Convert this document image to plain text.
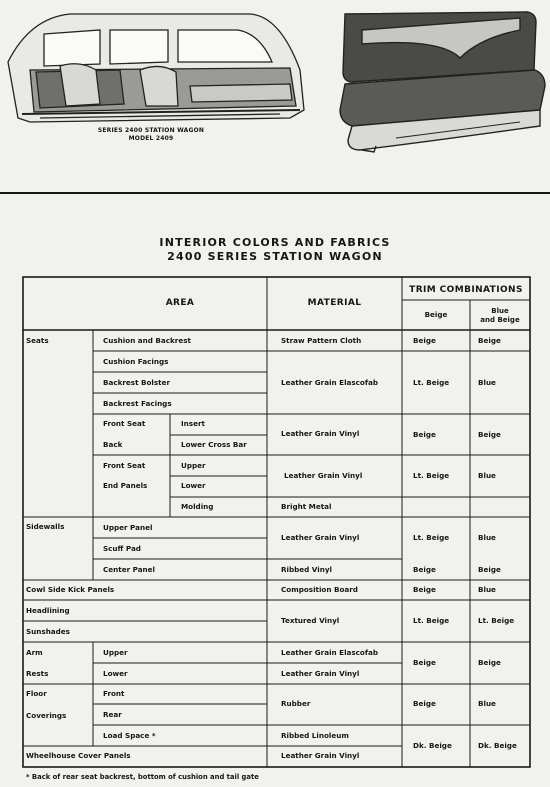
SERIES 2400 STATION WAGON
MODEL 2409
INTERIOR COLORS AND FABRICS
2400 SERIES STATION WAGON
AREA	MATERIAL
TRIM COMBINATIONS
Beige	Blue
and Beige
Seats
Sidewalls
Cowl Side Kick Panels
Headlining
Sunshades
Arm
Rests
Floor
Coverings
Wheelhouse Cover Panels
Cushion and Backrest
Cushion Facings
Backrest Bolster
Backrest Facings
Front Seat
Back
Front Seat
End Panels
Insert
Lower Cross Bar
Upper
Lower
Molding
Upper Panel
Scuff Pad
Center Panel
Upper
Lower
Front
Rear
Load Space *
Straw Pattern Cloth
Leather Grain Elascofab
Leather Grain Vinyl
Leather Grain Vinyl
Bright Metal
Leather Grain Vinyl
Ribbed Vinyl
Composition Board
Textured Vinyl
Leather Grain Elascofab
Leather Grain Vinyl
Rubber
Ribbed Linoleum
Leather Grain Vinyl
Beige
Lt. Beige
Beige
Lt. Beige
Lt. Beige
Beige
Beige
Lt. Beige
Beige
Beige
Dk. Beige
Beige
Blue
Beige
Blue
Blue
Beige
Blue
Lt. Beige
Beige
Blue
Dk. Beige
* Back of rear seat backrest, bottom of cushion and tail gate
